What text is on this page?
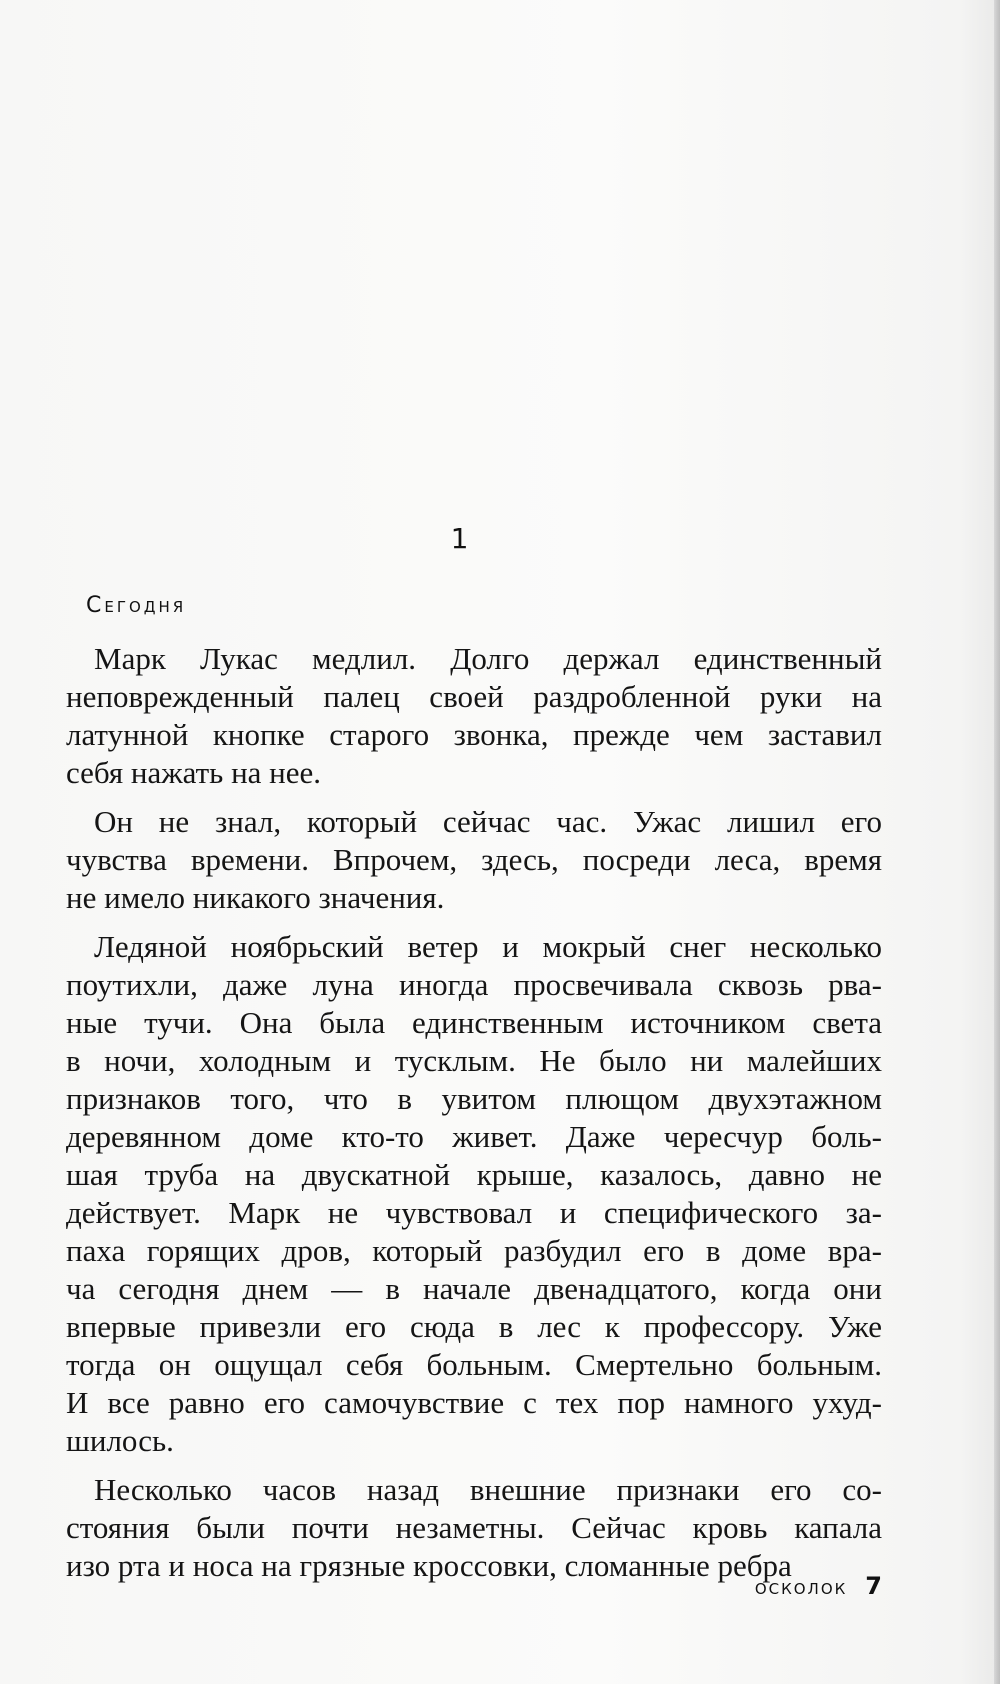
1
Сегодня

Марк Лукас медлил. Долго держал единственный
неповрежденный палец своей раздробленной руки на
латунной кнопке старого звонка, прежде чем заставил
себя нажать на нее.

Он не знал, который сейчас час. Ужас лишил его
чувства времени. Впрочем, здесь, посреди леса, время
не имело никакого значения.

Ледяной ноябрьский ветер и мокрый снег несколько
поутихли, даже луна иногда просвечивала сквозь рва-
ные тучи. Она была единственным источником света
в ночи, холодным и тусклым. Не было ни малейших
признаков того, что в увитом плющом двухэтажном
деревянном доме кто-то живет. Даже чересчур боль-
шая труба на двускатной крыше, казалось, давно не
действует. Марк не чувствовал и специфического за-
паха горящих дров, который разбудил его в доме вра-
ча сегодня днем — в начале двенадцатого, когда они
впервые привезли его сюда в лес к профессору. Уже
тогда он ощущал себя больным. Смертельно больным.
И все равно его самочувствие с тех пор намного ухуд-
шилось.

Несколько часов назад внешние признаки его со-
стояния были почти незаметны. Сейчас кровь капала
изо рта и носа на грязные кроссовки, сломанные ребра

осколок 7
